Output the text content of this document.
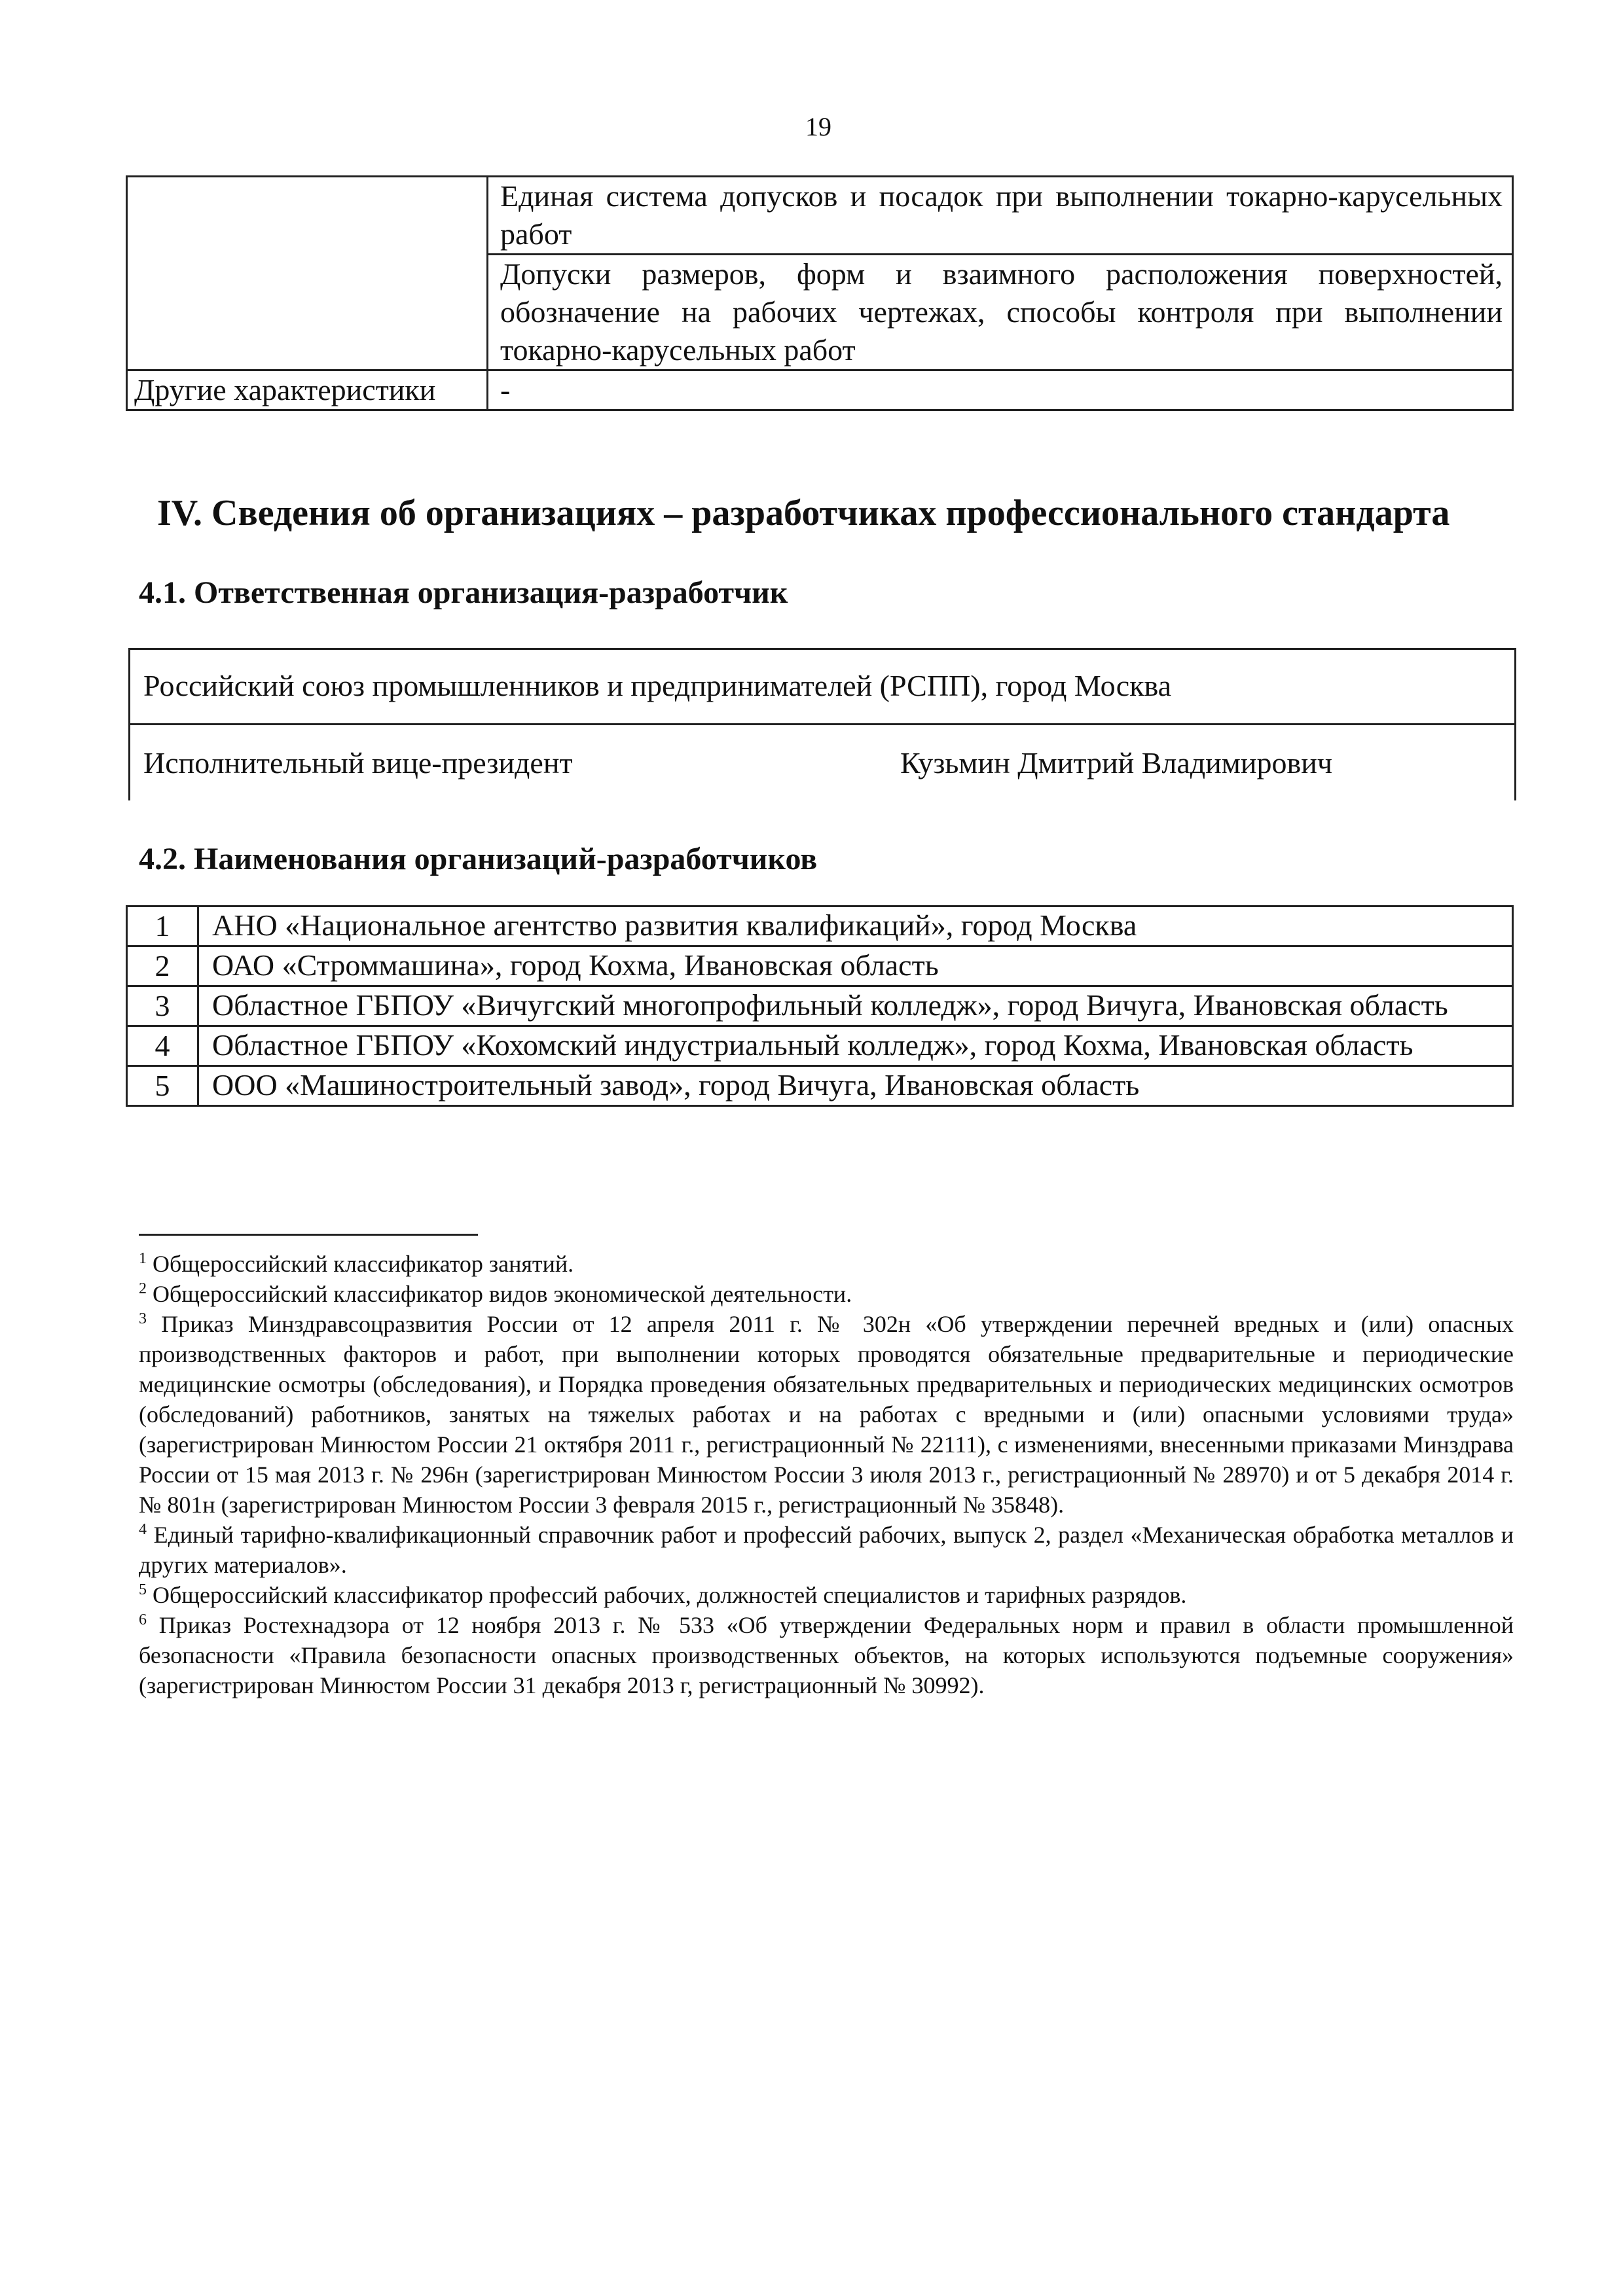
19
	Единая система допусков и посадок при выполнении токарно-карусельных работ
	Допуски размеров, форм и взаимного расположения поверхностей, обозначение на рабочих чертежах, способы контроля при выполнении токарно-карусельных работ
Другие характеристики	-
IV. Сведения об организациях – разработчиках профессионального стандарта
4.1. Ответственная организация-разработчик
Российский союз промышленников и предпринимателей (РСПП), город Москва
Исполнительный вице-президент	Кузьмин Дмитрий Владимирович
4.2. Наименования организаций-разработчиков
1	АНО «Национальное агентство развития квалификаций», город Москва
2	ОАО «Строммашина», город Кохма, Ивановская область
3	Областное ГБПОУ «Вичугский многопрофильный колледж», город Вичуга, Ивановская область
4	Областное ГБПОУ «Кохомский индустриальный колледж», город Кохма, Ивановская область
5	ООО «Машиностроительный завод», город Вичуга, Ивановская область

$^1$ Общероссийский классификатор занятий.

$^2$ Общероссийский классификатор видов экономической деятельности.

$^3$ Приказ Минздравсоцразвития России от 12 апреля 2011 г. № 302н «Об утверждении перечней вредных и (или) опасных производственных факторов и работ, при выполнении которых проводятся обязательные предварительные и периодические медицинские осмотры (обследования), и Порядка проведения обязательных предварительных и периодических медицинских осмотров (обследований) работников, занятых на тяжелых работах и на работах с вредными и (или) опасными условиями труда» (зарегистрирован Минюстом России 21 октября 2011 г., регистрационный № 22111), с изменениями, внесенными приказами Минздрава России от 15 мая 2013 г. № 296н (зарегистрирован Минюстом России 3 июля 2013 г., регистрационный № 28970) и от 5 декабря 2014 г. № 801н (зарегистрирован Минюстом России 3 февраля 2015 г., регистрационный № 35848).

$^4$ Единый тарифно-квалификационный справочник работ и профессий рабочих, выпуск 2, раздел «Механическая обработка металлов и других материалов».

$^5$ Общероссийский классификатор профессий рабочих, должностей специалистов и тарифных разрядов.

$^6$ Приказ Ростехнадзора от 12 ноября 2013 г. № 533 «Об утверждении Федеральных норм и правил в области промышленной безопасности «Правила безопасности опасных производственных объектов, на которых используются подъемные сооружения» (зарегистрирован Минюстом России 31 декабря 2013 г, регистрационный № 30992).
